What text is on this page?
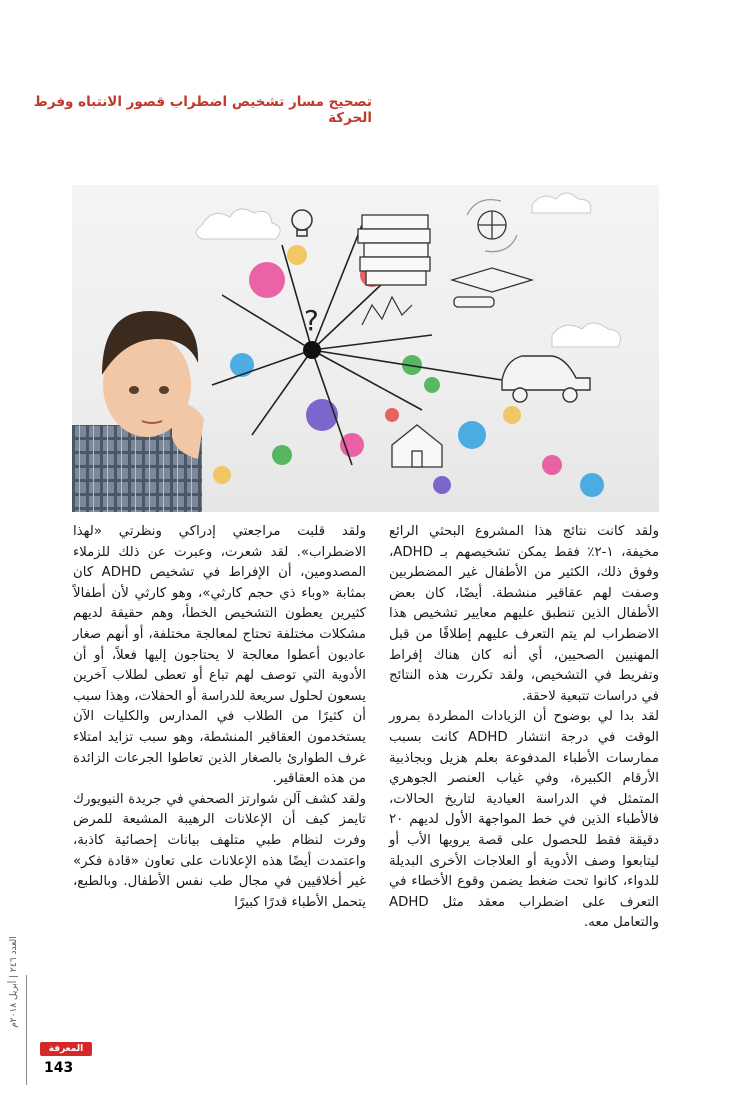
تصحيح مسار تشخيص اضطراب قصور الانتباه وفرط الحركة
?

ولقد كانت نتائج هذا المشروع البحثي الرائع مخيفة، ١-٢٪ فقط يمكن تشخيصهم بـ ADHD، وفوق ذلك، الكثير من الأطفال غير المضطربين وصفت لهم عقاقير منشطة. أيضًا، كان بعض الأطفال الذين تنطبق عليهم معايير تشخيص هذا الاضطراب لم يتم التعرف عليهم إطلاقًا من قبل المهنيين الصحيين، أي أنه كان هناك إفراط وتفريط في التشخيص، ولقد تكررت هذه النتائج في دراسات تتبعية لاحقة.

لقد بدا لي بوضوح أن الزيادات المطردة بمرور الوقت في درجة انتشار ADHD كانت بسبب ممارسات الأطباء المدفوعة بعلم هزيل وبجاذبية الأرقام الكبيرة، وفي غياب العنصر الجوهري المتمثل في الدراسة العيادية لتاريخ الحالات، فالأطباء الذين في خط المواجهة الأول لديهم ٢٠ دقيقة فقط للحصول على قصة يرويها الأب أو ليتابعوا وصف الأدوية أو العلاجات الأخرى البديلة للدواء، كانوا تحت ضغط يضمن وقوع الأخطاء في التعرف على اضطراب معقد مثل ADHD والتعامل معه.

ولقد قلبت مراجعتي إدراكي ونظرتي «لهذا الاضطراب». لقد شعرت، وعبرت عن ذلك للزملاء المصدومين، أن الإفراط في تشخيص ADHD كان بمثابة «وباء ذي حجم كارثي»، وهو كارثي لأن أطفالاً كثيرين يعطون التشخيص الخطأ، وهم حقيقة لديهم مشكلات مختلفة تحتاج لمعالجة مختلفة، أو أنهم صغار عاديون أعطوا معالجة لا يحتاجون إليها فعلاً، أو أن الأدوية التي توصف لهم تباع أو تعطى لطلاب آخرين يسعون لحلول سريعة للدراسة أو الحفلات، وهذا سبب أن كثيرًا من الطلاب في المدارس والكليات الآن يستخدمون العقاقير المنشطة، وهو سبب تزايد امتلاء غرف الطوارئ بالصغار الذين تعاطوا الجرعات الزائدة من هذه العقاقير.

ولقد كشف آلن شوارتز الصحفي في جريدة النيويورك تايمز كيف أن الإعلانات الرهيبة المشيعة للمرض وفرت لنظام طبي متلهف بيانات إحصائية كاذبة، واعتمدت أيضًا هذه الإعلانات على تعاون «قادة فكر» غير أخلاقيين في مجال طب نفس الأطفال. وبالطبع، يتحمل الأطباء قدرًا كبيرًا

العدد ٢٤٦ | أبريل ٢٠١٨م
المعرفة
143
